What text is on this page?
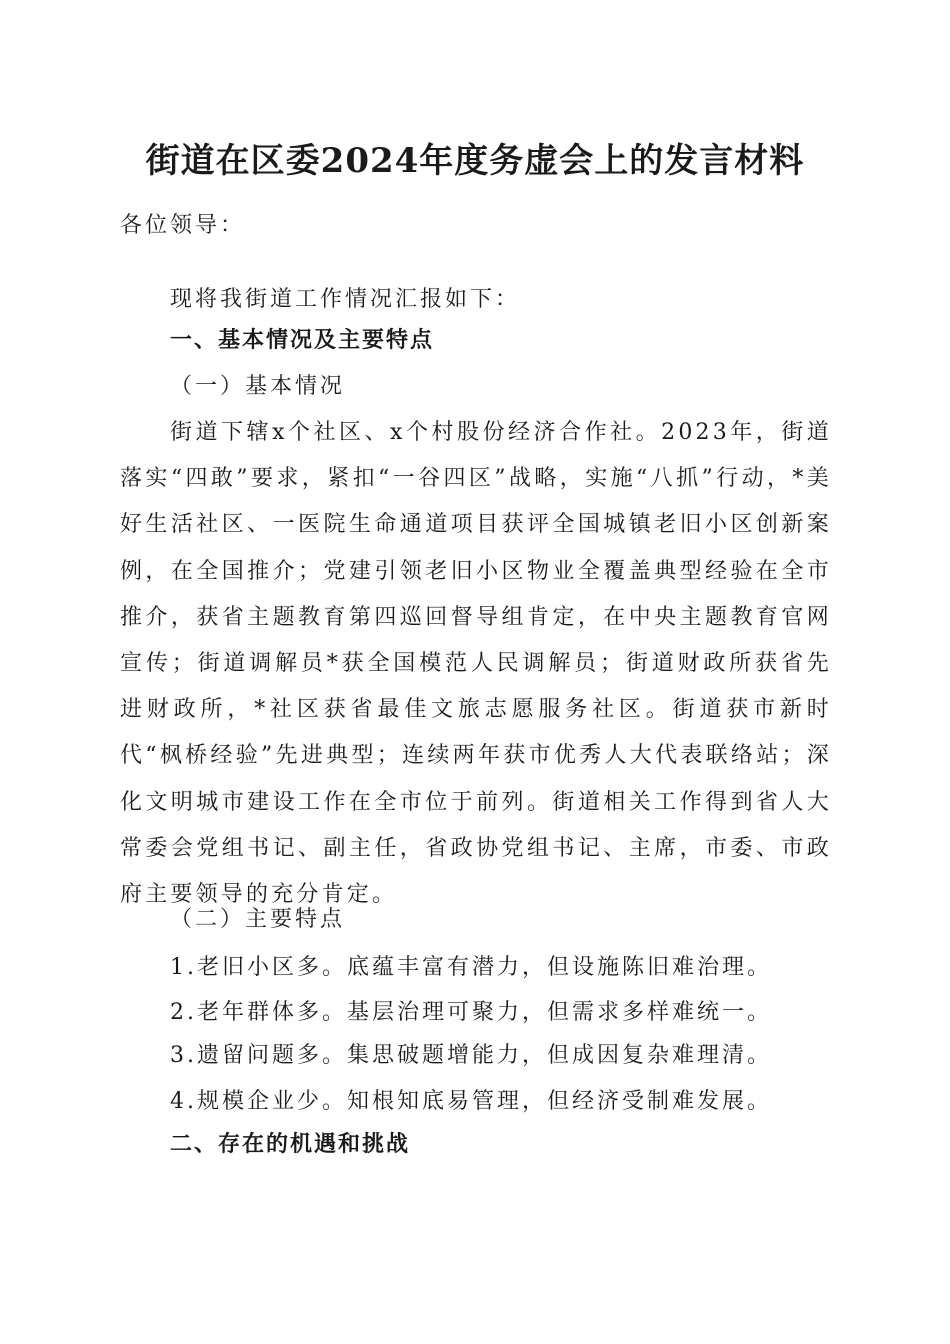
街道在区委2024年度务虚会上的发言材料
各位领导：
现将我街道工作情况汇报如下：
一、基本情况及主要特点
（一）基本情况
街道下辖x个社区、x个村股份经济合作社。2023年，街道落实“四敢”要求，紧扣“一谷四区”战略，实施“八抓”行动，*美好生活社区、一医院生命通道项目获评全国城镇老旧小区创新案例，在全国推介；党建引领老旧小区物业全覆盖典型经验在全市推介，获省主题教育第四巡回督导组肯定，在中央主题教育官网宣传；街道调解员*获全国模范人民调解员；街道财政所获省先进财政所，*社区获省最佳文旅志愿服务社区。街道获市新时代“枫桥经验”先进典型；连续两年获市优秀人大代表联络站；深化文明城市建设工作在全市位于前列。街道相关工作得到省人大常委会党组书记、副主任，省政协党组书记、主席，市委、市政府主要领导的充分肯定。
（二）主要特点
1.老旧小区多。底蕴丰富有潜力，但设施陈旧难治理。
2.老年群体多。基层治理可聚力，但需求多样难统一。
3.遗留问题多。集思破题增能力，但成因复杂难理清。
4.规模企业少。知根知底易管理，但经济受制难发展。
二、存在的机遇和挑战
